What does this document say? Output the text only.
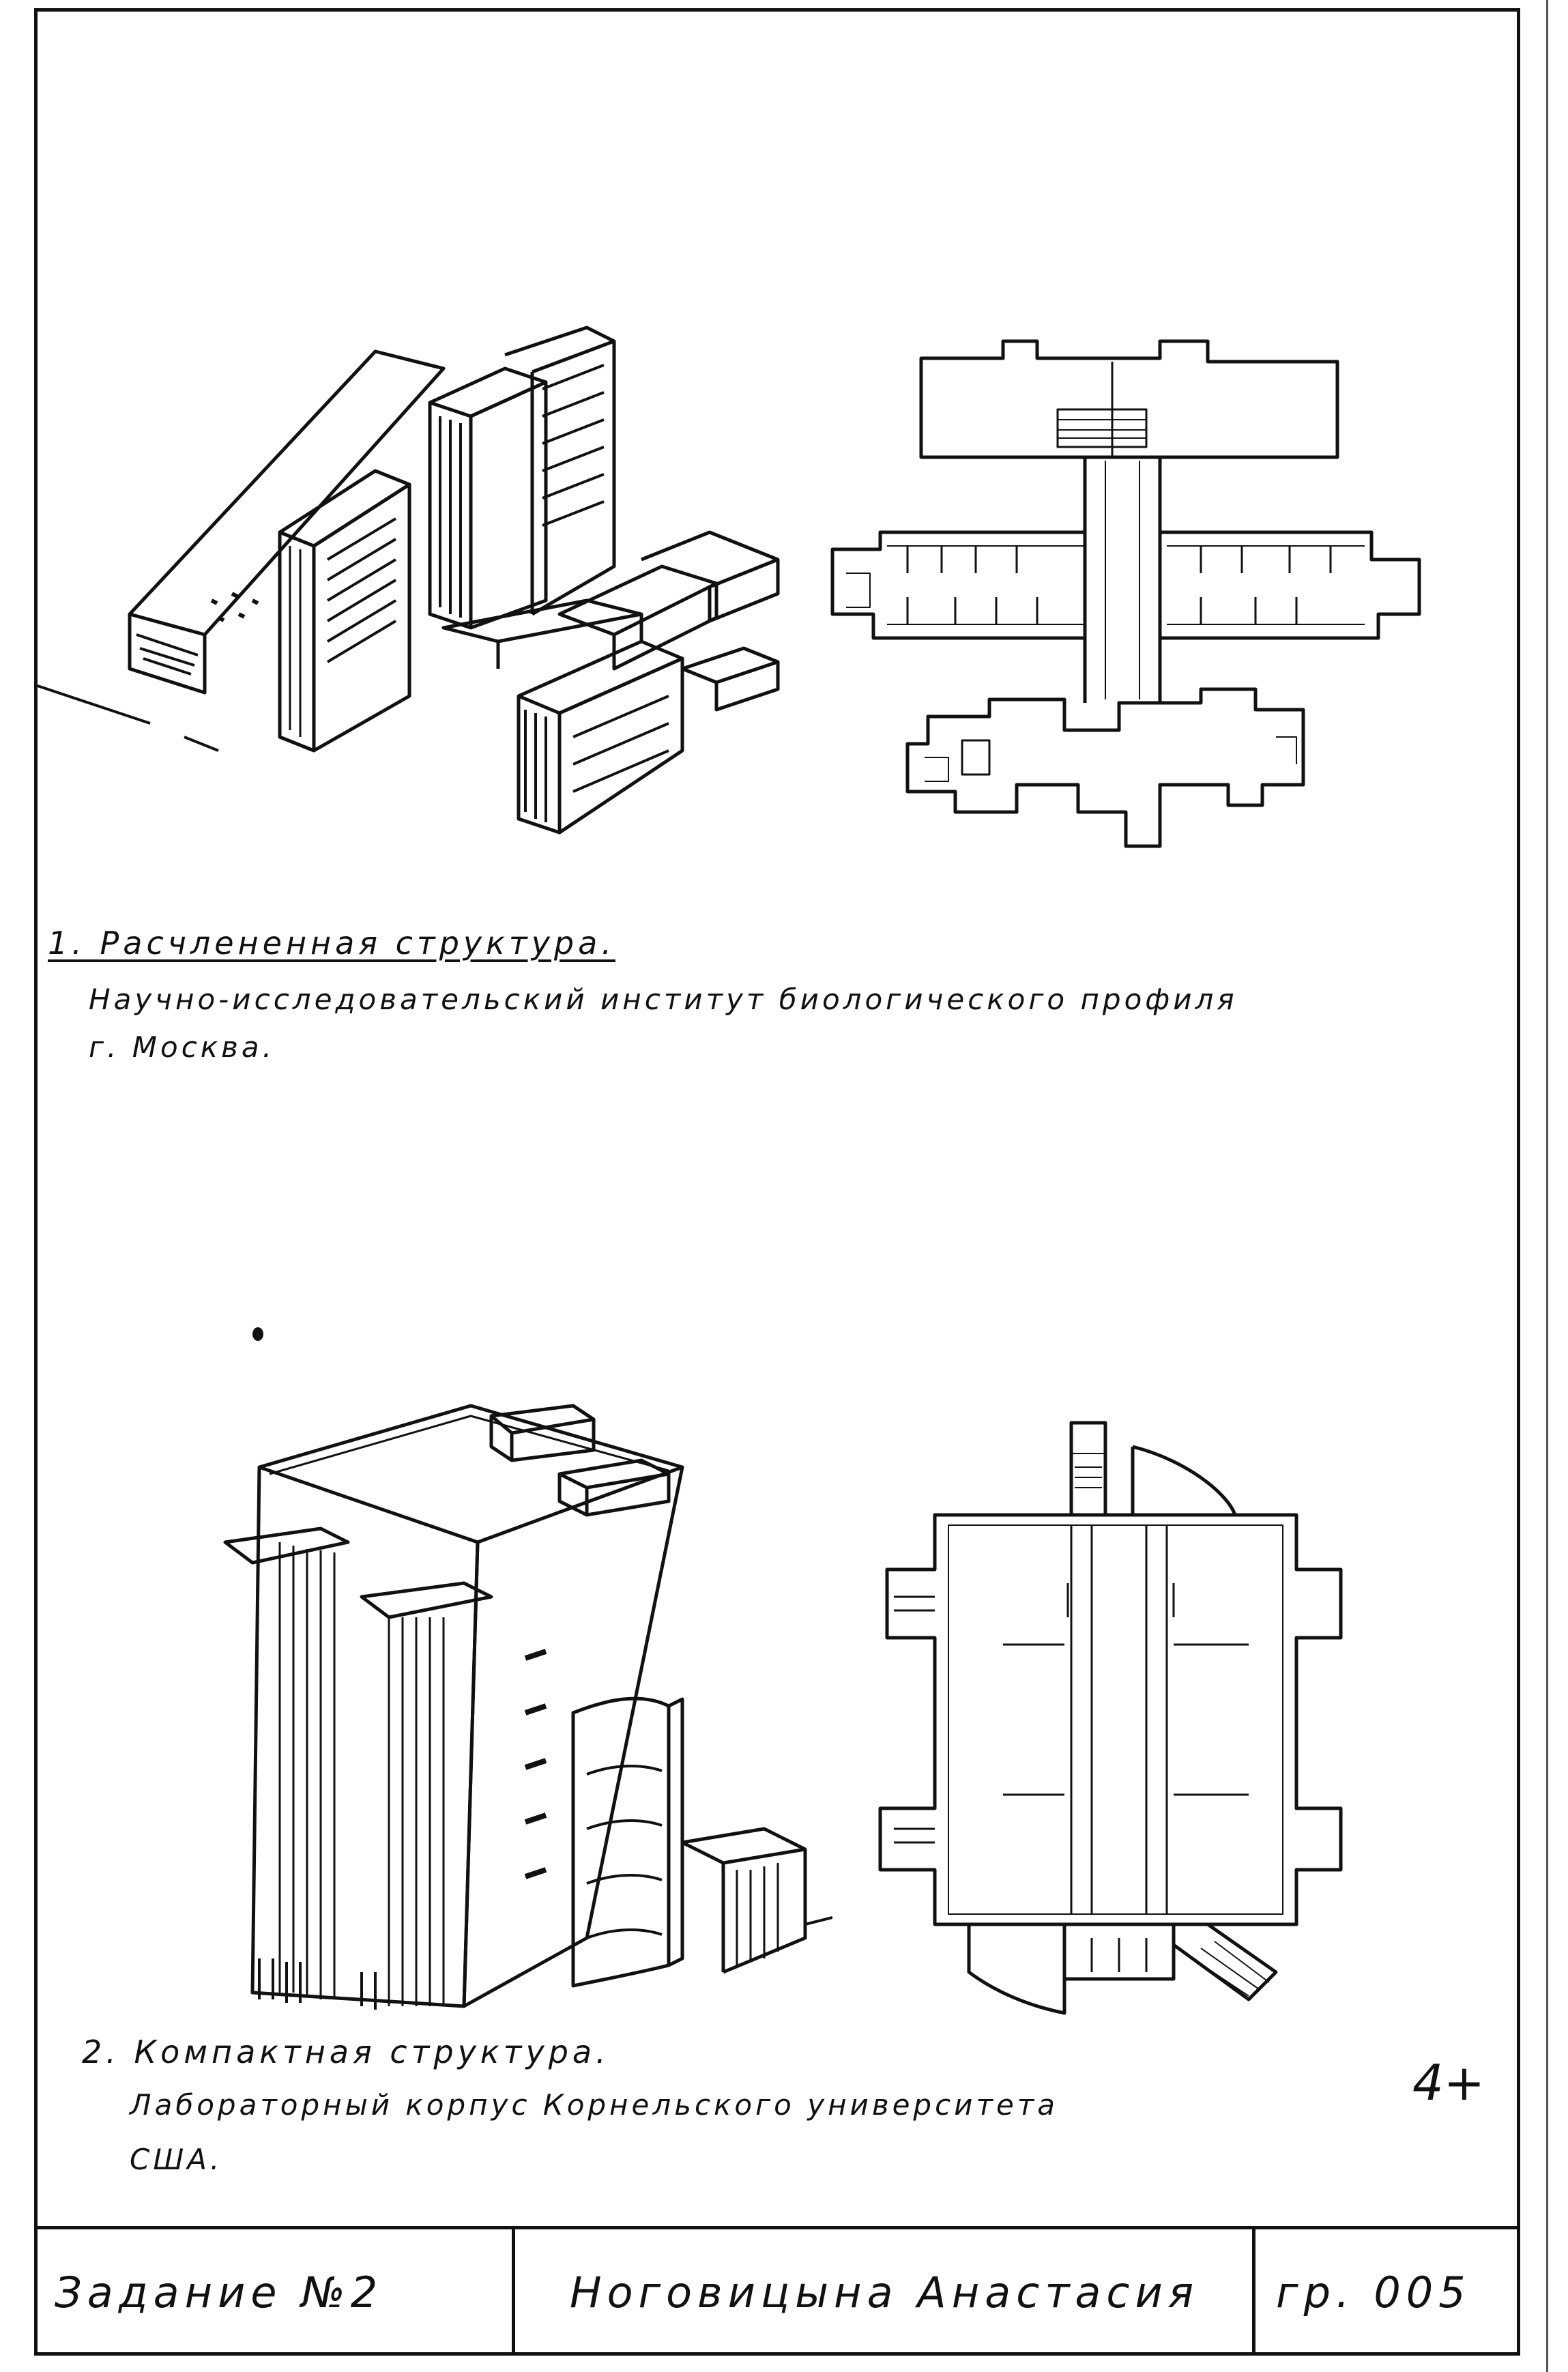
1. Расчлененная структура.
Научно-исследовательский институт биологического профиля
г. Москва.
2. Компактная структура.
Лабораторный корпус Корнельского университета
США.
4+
Задание №2	Ноговицына Анастасия	гр. 005
